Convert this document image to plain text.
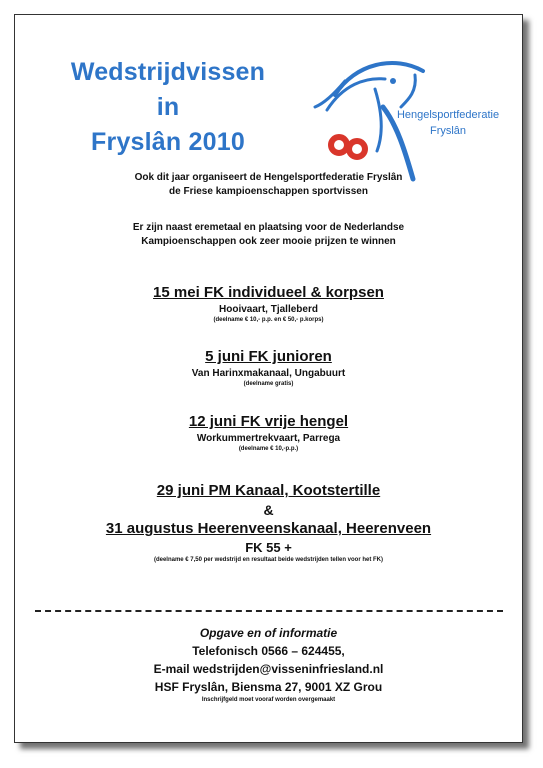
Wedstrijdvissen
in
Fryslân 2010
Hengelsportfederatie
Fryslân
Ook dit jaar organiseert de Hengelsportfederatie Fryslân
de Friese kampioenschappen sportvissen
Er zijn naast eremetaal en plaatsing voor de Nederlandse
Kampioenschappen ook zeer mooie prijzen te winnen
15 mei FK individueel & korpsen
Hooivaart, Tjalleberd
(deelname € 10,- p.p. en € 50,- p.korps)
5 juni FK junioren
Van Harinxmakanaal, Ungabuurt
(deelname gratis)
12 juni FK vrije hengel
Workummertrekvaart, Parrega
(deelname € 10,-p.p.)
29 juni PM Kanaal, Kootstertille
&
31 augustus Heerenveenskanaal, Heerenveen
FK 55 +
(deelname € 7,50 per wedstrijd en resultaat beide wedstrijden tellen voor het FK)
Opgave en of informatie
Telefonisch 0566 – 624455,
E-mail wedstrijden@visseninfriesland.nl
HSF Fryslân, Biensma 27, 9001 XZ Grou
Inschrijfgeld moet vooraf worden overgemaakt
